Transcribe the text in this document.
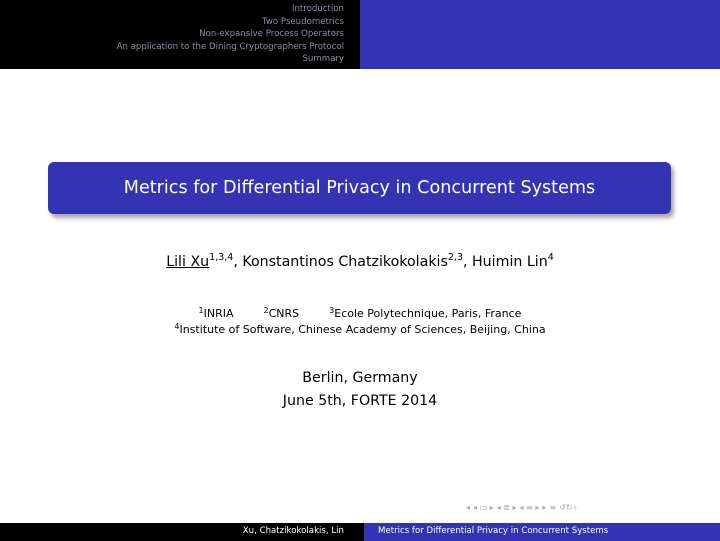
Introduction
Two Pseudometrics
Non-expansive Process Operators
An application to the Dining Cryptographers Protocol
Summary
Metrics for Differential Privacy in Concurrent Systems
Lili Xu$^{1,3,4}$, Konstantinos Chatzikokolakis$^{2,3}$, Huimin Lin$^4$
$^1$INRIA	$^2$CNRS	$^3$Ecole Polytechnique, Paris, France
$^4$Institute of Software, Chinese Academy of Sciences, Beijing, China
Berlin, Germany
June 5th, FORTE 2014
◂ ◂ ▭ ▸ ◂ ≣ ▸ ◂ ≡ ▸ ▸ ≡ ↺↻∘
Xu, Chatzikokolakis, Lin	Metrics for Differential Privacy in Concurrent Systems
